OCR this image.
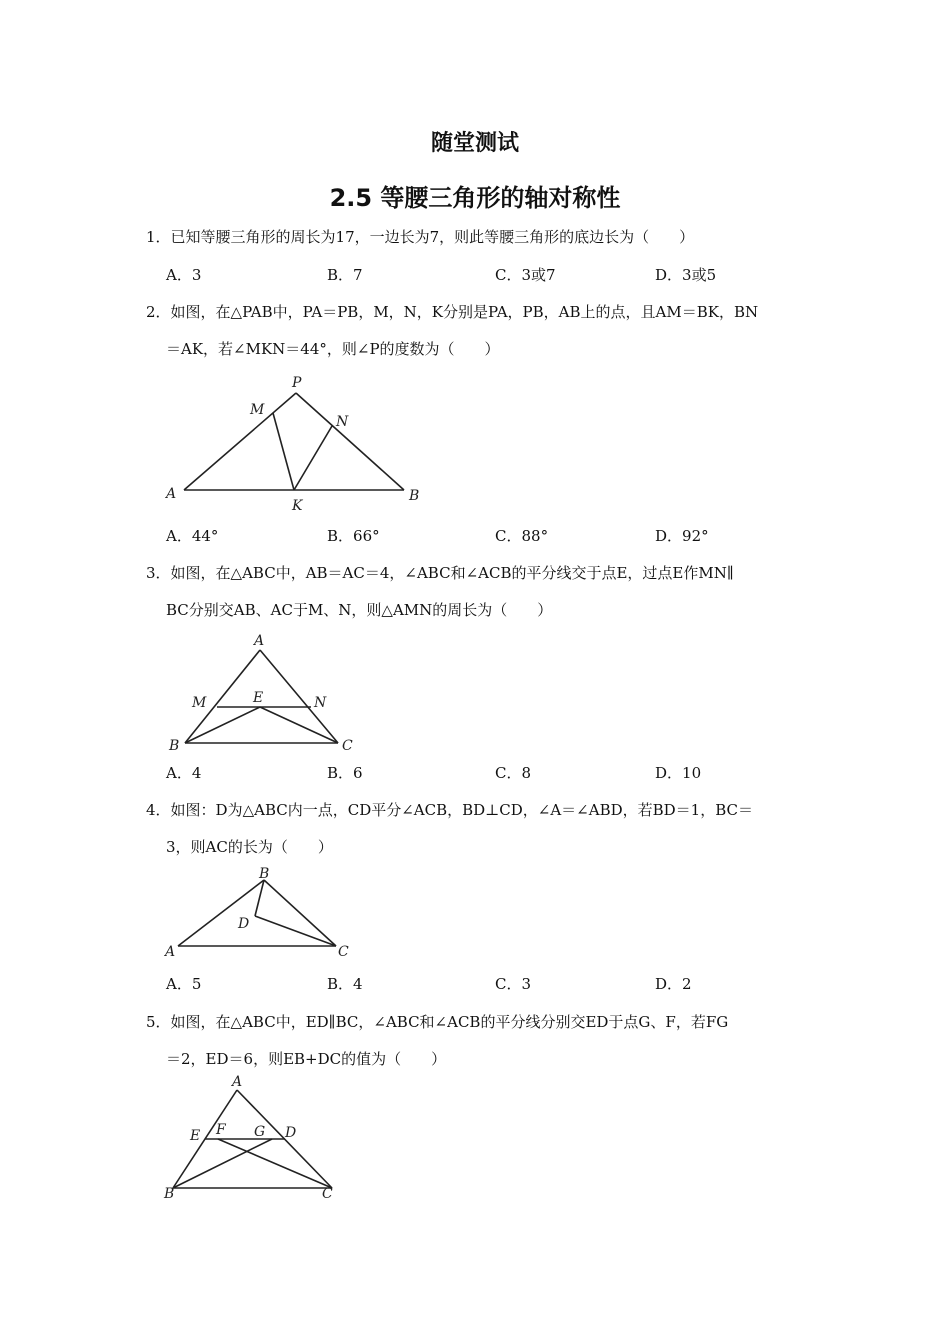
随堂测试
2.5 等腰三角形的轴对称性
1．已知等腰三角形的周长为17，一边长为7，则此等腰三角形的底边长为（　　）
A．3	B．7	C．3或7	D．3或5
2．如图，在△PAB中，PA＝PB，M，N，K分别是PA，PB，AB上的点，且AM＝BK，BN
＝AK，若∠MKN＝44°，则∠P的度数为（　　）
P
M
N
A
K
B
A．44°	B．66°	C．88°	D．92°
3．如图，在△ABC中，AB＝AC＝4，∠ABC和∠ACB的平分线交于点E，过点E作MN∥
BC分别交AB、AC于M、N，则△AMN的周长为（　　）
A
M	E	N
B	C
A．4	B．6	C．8	D．10
4．如图：D为△ABC内一点，CD平分∠ACB，BD⊥CD，∠A＝∠ABD，若BD＝1，BC＝
3，则AC的长为（　　）
B
D
A	C
A．5	B．4	C．3	D．2
5．如图，在△ABC中，ED∥BC，∠ABC和∠ACB的平分线分别交ED于点G、F，若FG
＝2，ED＝6，则EB+DC的值为（　　）
A
E F G D
B	C
